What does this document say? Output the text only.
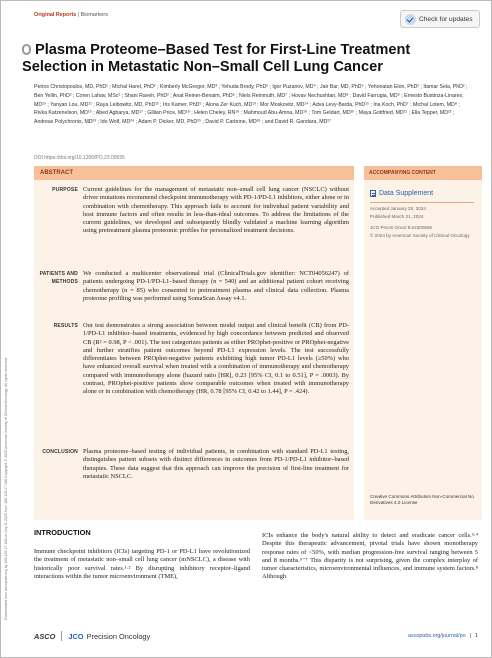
Downloaded from ascopubs.org by 185.125.17.188 on July 8, 2025 from 185.125.17.188 Copyright © 2025 American Society of Clinical Oncology. All rights reserved.
Original Reports | Biomarkers
Check for updates
Plasma Proteome–Based Test for First-Line Treatment Selection in Metastatic Non–Small Cell Lung Cancer
Petros Christopoulos, MD, PhD¹ ; Michal Harel, PhD² ; Kimberly McGregor, MD³ ; Yehuda Brody, PhD² ; Igor Puzanov, MD⁴ ; Jair Bar, MD, PhD⁵ ; Yehonatan Elon, PhD² ; Itamar Sela, PhD² ; Ben Yellin, PhD² ; Coren Lahav, MSc² ; Shani Raveh, PhD² ; Anat Reiner-Benaim, PhD⁶ ; Niels Reinmuth, MD⁷ ; Hovav Nechushtan, MD⁸ ; David Farrugia, MD⁹ ; Ernesto Bustinza-Linares, MD¹⁰ ; Yanyan Lou, MD¹¹ ; Raya Leibowitz, MD, PhD¹² ; Iris Kamer, PhD⁵ ; Alona Zer Kuch, MD¹³ ; Mor Moskovitz, MD¹⁴ ; Adva Levy-Barda, PhD¹⁵ ; Ina Koch, PhD⁷ ; Michal Lotem, MD⁸ ; Rivka Katzenelson, MD¹⁶ ; Abed Agbarya, MD¹⁷ ; Gillian Price, MD¹⁸ ; Helen Cheley, RN¹⁸ ; Mahmoud Abu-Amna, MD¹⁹ ; Tom Geldart, MD²⁰ ; Maya Gottfried, MD²¹ ; Ella Tepper, MD²² ; Andreas Polychronis, MD²³ ; Ido Wolf, MD²⁴ ; Adam P. Dicker, MD, PhD²⁵ ; David P. Carbone, MD²⁶ ; and David R. Gandara, MD²⁷
DOI https://doi.org/10.1200/PO.23.00555
ABSTRACT
PURPOSE Current guidelines for the management of metastatic non–small cell lung cancer (NSCLC) without driver mutations recommend checkpoint immunotherapy with PD-1/PD-L1 inhibitors, either alone or in combination with chemotherapy. This approach fails to account for individual patient variability and host immune factors and often results in less-than-ideal outcomes. To address the limitations of the current guidelines, we developed and subsequently blindly validated a machine learning algorithm using pretreatment plasma proteomic profiles for personalized treatment decisions.
PATIENTS AND METHODS
We conducted a multicenter observational trial (ClinicalTrials.gov identifier: NCT04056247) of patients undergoing PD-1/PD-L1–based therapy (n = 540) and an additional patient cohort receiving chemotherapy (n = 85) who consented to pretreatment plasma and clinical data collection. Plasma proteome profiling was performed using SomaScan Assay v4.1.
RESULTS Our test demonstrates a strong association between model output and clinical benefit (CB) from PD-1/PD-L1 inhibitor–based treatments, evidenced by high concordance between predicted and observed CB (R² = 0.98, P < .001). The test categorizes patients as either PROphet-positive or PROphet-negative and further stratifies patient outcomes beyond PD-L1 expression levels. The test successfully differentiates between PROphet-negative patients exhibiting high tumor PD-L1 levels (≥50%) who have enhanced overall survival when treated with a combination of immunotherapy and chemotherapy compared with immunotherapy alone (hazard ratio [HR], 0.23 [95% CI, 0.1 to 0.51], P = .0003). By contrast, PROphet-positive patients show comparable outcomes when treated with immunotherapy alone or in combination with chemotherapy (HR, 0.78 [95% CI, 0.42 to 1.44], P = .424).
CONCLUSION Plasma proteome–based testing of individual patients, in combination with standard PD-L1 testing, distinguishes patient subsets with distinct differences in outcomes from PD-1/PD-L1 inhibitor–based therapies. These data suggest that this approach can improve the precision of first-line treatment for metastatic NSCLC.
ACCOMPANYING CONTENT
Data Supplement
Accepted January 25, 2024
Published March 21, 2024
JCO Precis Oncol 8:e2300555
© 2024 by American Society of Clinical Oncology
Creative Commons Attribution Non-Commercial No Derivatives 4.0 License
INTRODUCTION
Immune checkpoint inhibitors (ICIs) targeting PD-1 or PD-L1 have revolutionized the treatment of metastatic non–small cell lung cancer (mNSCLC), a disease with historically poor survival rates.¹·² By disrupting inhibitory receptor–ligand interactions within the tumor microenvironment (TME),
ICIs enhance the body's natural ability to detect and eradicate cancer cells.³·⁴ Despite this therapeutic advancement, pivotal trials have shown monotherapy response rates of <50%, with median progression-free survival ranging between 5 and 8 months.⁵⁻⁷ This disparity is not surprising, given the complex interplay of tumor characteristics, microenvironmental influences, and immune system factors.⁸ Although
ASCO JCO Precision Oncology	ascopubs.org/journal/po | 1
